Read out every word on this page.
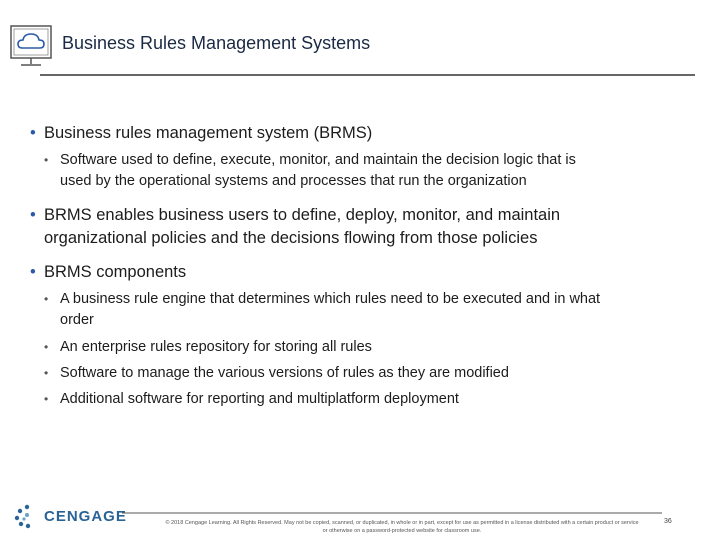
Business Rules Management Systems
• Business rules management system (BRMS)
• Software used to define, execute, monitor, and maintain the decision logic that is
used by the operational systems and processes that run the organization
• BRMS enables business users to define, deploy, monitor, and maintain
organizational policies and the decisions flowing from those policies
• BRMS components
• A business rule engine that determines which rules need to be executed and in what
order
• An enterprise rules repository for storing all rules
• Software to manage the various versions of rules as they are modified
• Additional software for reporting and multiplatform deployment
CENGAGE	© 2018 Cengage Learning. All Rights Reserved. May not be copied, scanned, or duplicated, in whole or in part, except for use as permitted in a license distributed with a certain product or service
or otherwise on a password-protected website for classroom use.
36
